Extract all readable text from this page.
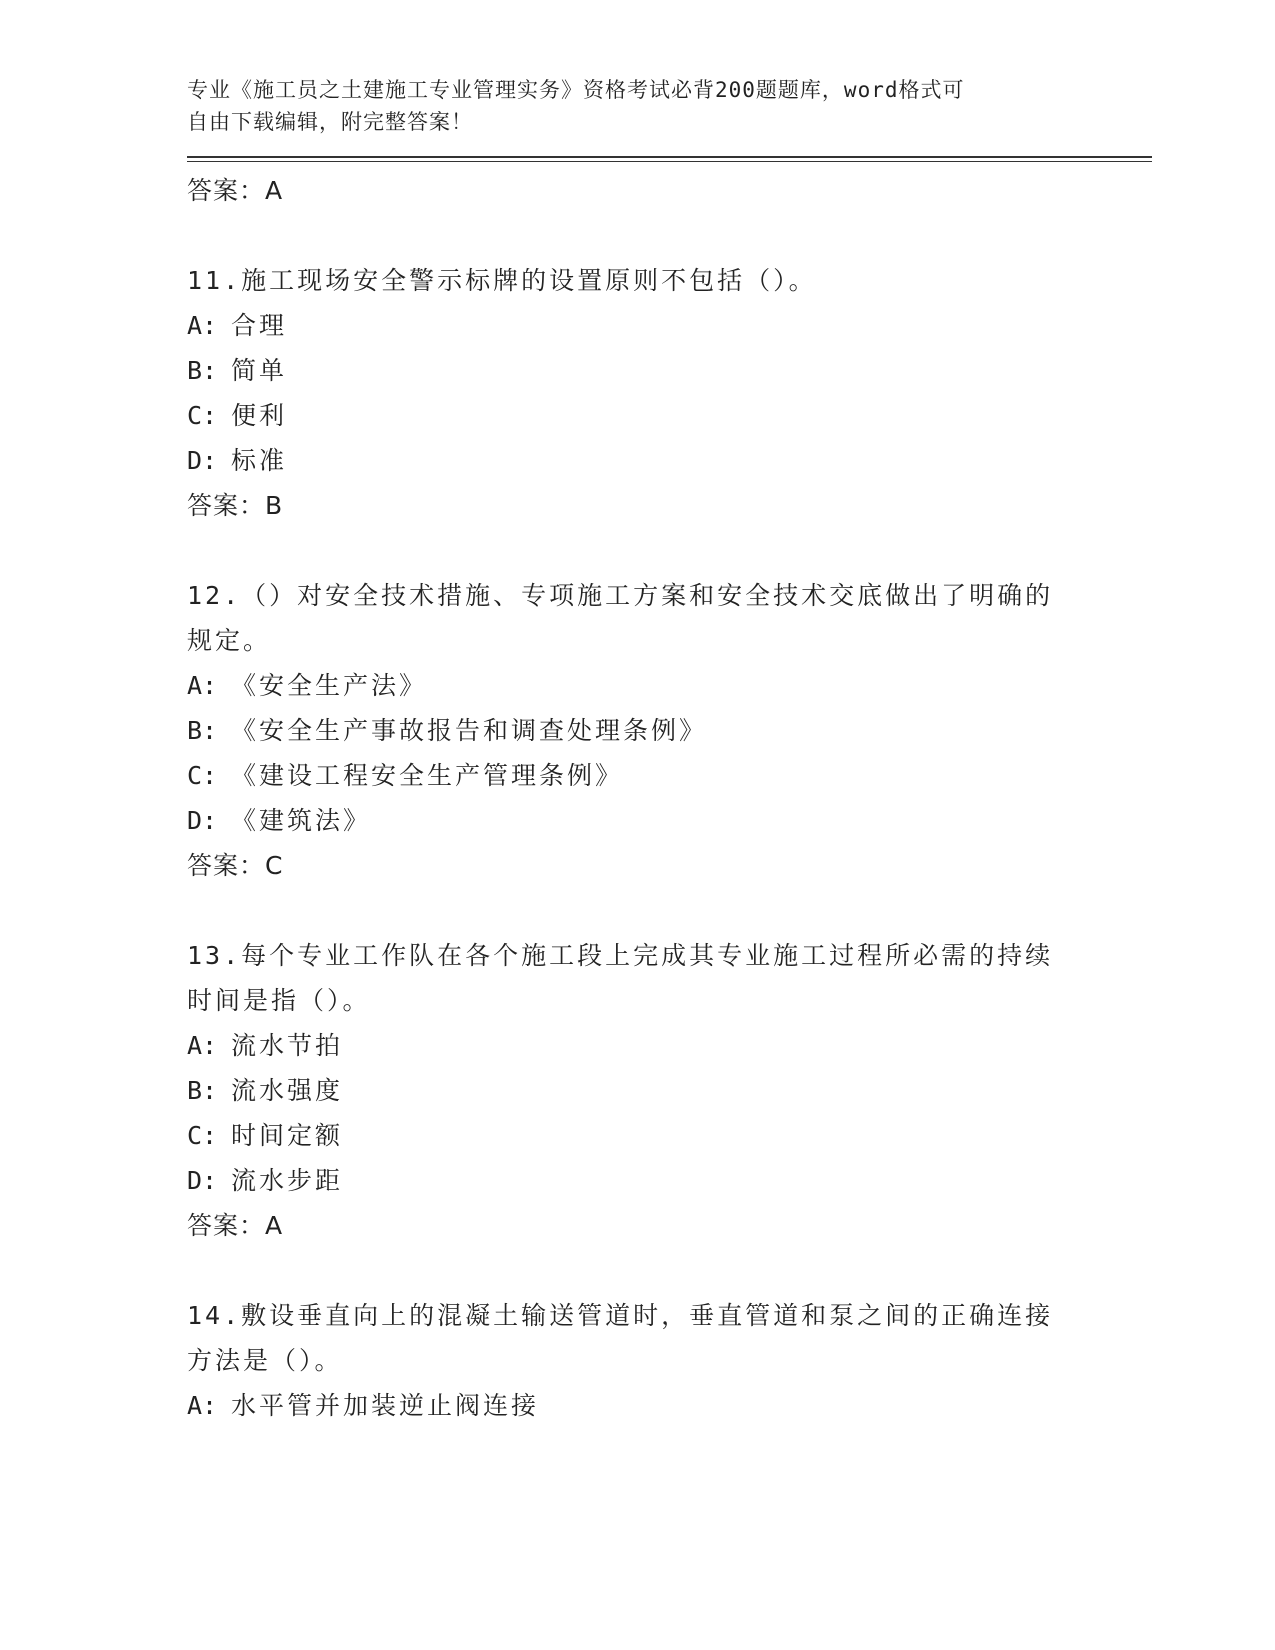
专业《施工员之土建施工专业管理实务》资格考试必背200题题库，word格式可
自由下载编辑，附完整答案！
答案：A
11.施工现场安全警示标牌的设置原则不包括（）。
A: 合理
B: 简单
C: 便利
D: 标准
答案：B
12.（）对安全技术措施、专项施工方案和安全技术交底做出了明确的
规定。
A: 《安全生产法》
B: 《安全生产事故报告和调查处理条例》
C: 《建设工程安全生产管理条例》
D: 《建筑法》
答案：C
13.每个专业工作队在各个施工段上完成其专业施工过程所必需的持续
时间是指（）。
A: 流水节拍
B: 流水强度
C: 时间定额
D: 流水步距
答案：A
14.敷设垂直向上的混凝土输送管道时，垂直管道和泵之间的正确连接
方法是（）。
A: 水平管并加装逆止阀连接
